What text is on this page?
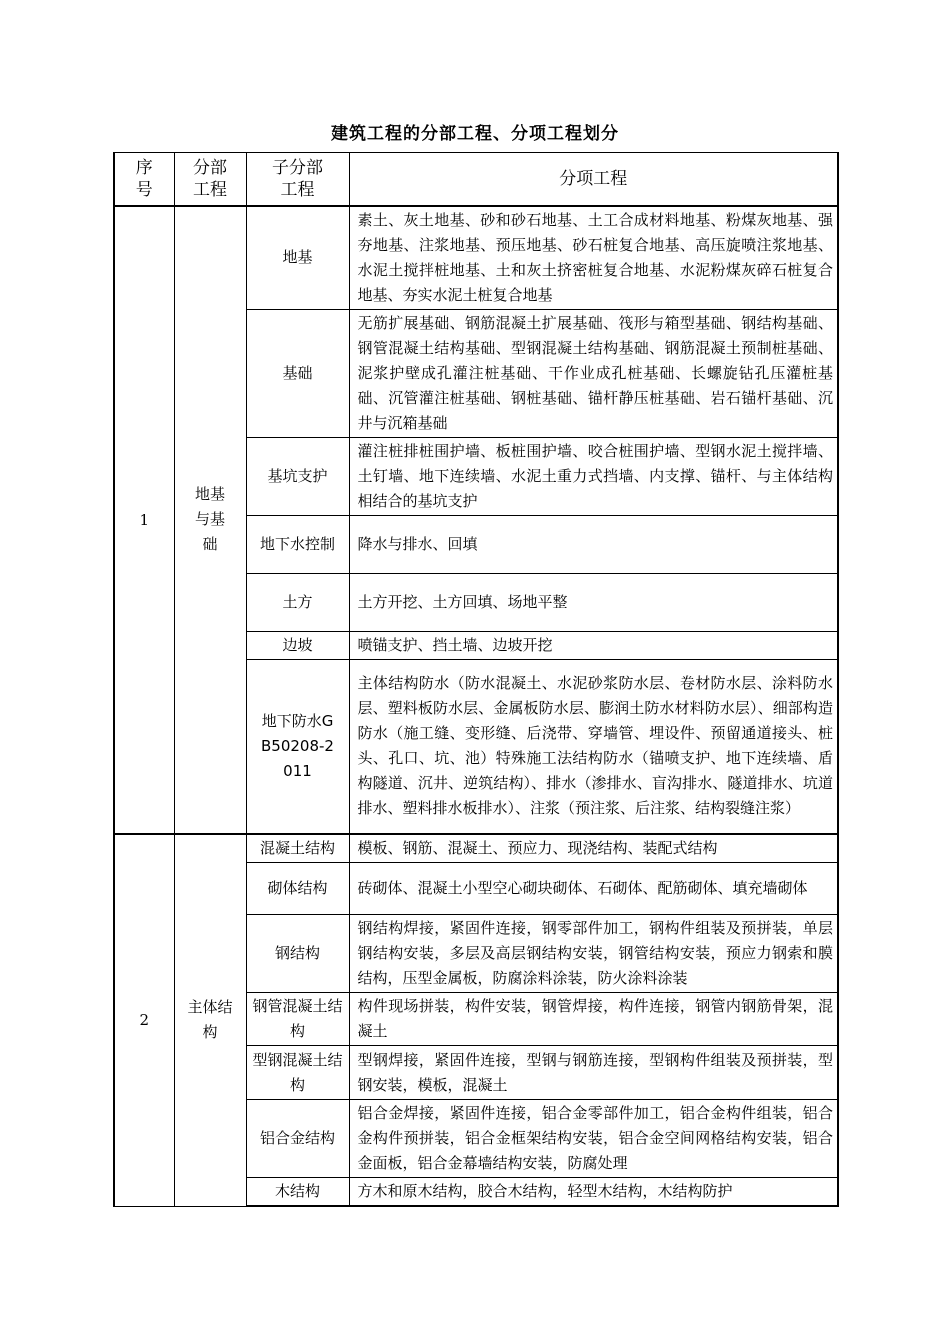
建筑工程的分部工程、分项工程划分
序号	分部工程	子分部工程	分项工程
1	地基与基础	地基	素土、灰土地基、砂和砂石地基、土工合成材料地基、粉煤灰地基、强夯地基、注浆地基、预压地基、砂石桩复合地基、高压旋喷注浆地基、水泥土搅拌桩地基、土和灰土挤密桩复合地基、水泥粉煤灰碎石桩复合地基、夯实水泥土桩复合地基
		基础	无筋扩展基础、钢筋混凝土扩展基础、筏形与箱型基础、钢结构基础、钢管混凝土结构基础、型钢混凝土结构基础、钢筋混凝土预制桩基础、泥浆护壁成孔灌注桩基础、干作业成孔桩基础、长螺旋钻孔压灌桩基础、沉管灌注桩基础、钢桩基础、锚杆静压桩基础、岩石锚杆基础、沉井与沉箱基础
		基坑支护	灌注桩排桩围护墙、板桩围护墙、咬合桩围护墙、型钢水泥土搅拌墙、土钉墙、地下连续墙、水泥土重力式挡墙、内支撑、锚杆、与主体结构相结合的基坑支护

		地下水控制	降水与排水、回填
		土方	土方开挖、土方回填、场地平整
		边坡	喷锚支护、挡土墙、边坡开挖

		地下防水GB50208-2011	主体结构防水（防水混凝土、水泥砂浆防水层、卷材防水层、涂料防水层、塑料板防水层、金属板防水层、膨润土防水材料防水层）、细部构造防水（施工缝、变形缝、后浇带、穿墙管、埋设件、预留通道接头、桩头、孔口、坑、池）特殊施工法结构防水（锚喷支护、地下连续墙、盾构隧道、沉井、逆筑结构）、排水（渗排水、盲沟排水、隧道排水、坑道排水、塑料排水板排水）、注浆（预注浆、后注浆、结构裂缝注浆）
2	主体结构	混凝土结构	模板、钢筋、混凝土、预应力、现浇结构、装配式结构
		砌体结构	砖砌体、混凝土小型空心砌块砌体、石砌体、配筋砌体、填充墙砌体
		钢结构	钢结构焊接，紧固件连接，钢零部件加工，钢构件组装及预拼装，单层钢结构安装，多层及高层钢结构安装，钢管结构安装，预应力钢索和膜结构，压型金属板，防腐涂料涂装，防火涂料涂装

		钢管混凝土结构	构件现场拼装，构件安装，钢管焊接，构件连接，钢管内钢筋骨架，混凝土

		型钢混凝土结构	型钢焊接，紧固件连接，型钢与钢筋连接，型钢构件组装及预拼装，型钢安装，模板，混凝土
		铝合金结构	铝合金焊接，紧固件连接，铝合金零部件加工，铝合金构件组装，铝合金构件预拼装，铝合金框架结构安装，铝合金空间网格结构安装，铝合金面板，铝合金幕墙结构安装，防腐处理
		木结构	方木和原木结构，胶合木结构，轻型木结构，木结构防护
